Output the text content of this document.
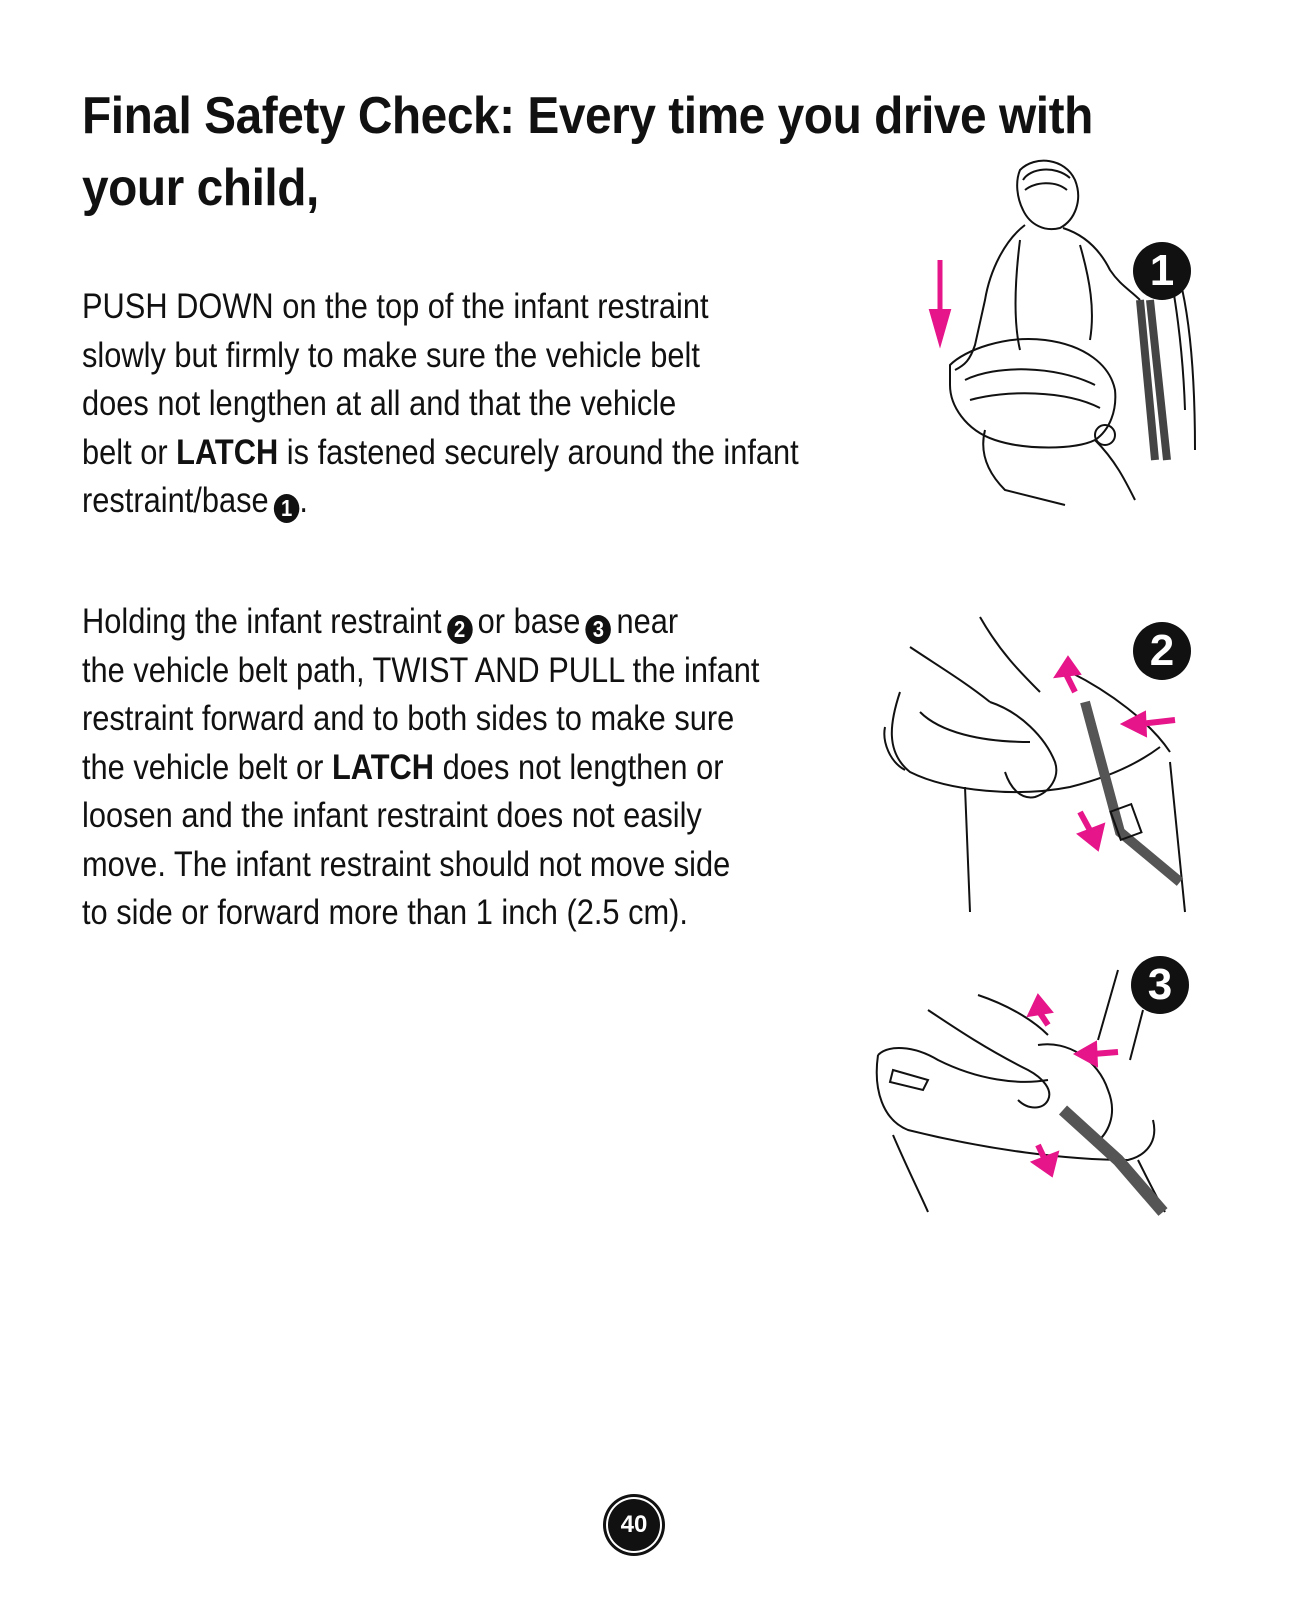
Final Safety Check: Every time you drive with your child,

PUSH DOWN on the top of the infant restraint
slowly but firmly to make sure the vehicle belt
does not lengthen at all and that the vehicle
belt or LATCH is fastened securely around the infant
restraint/base 1 .

Holding the infant restraint 2 or base 3 near
the vehicle belt path, TWIST AND PULL the infant
restraint forward and to both sides to make sure
the vehicle belt or LATCH does not lengthen or
loosen and the infant restraint does not easily
move. The infant restraint should not move side
to side or forward more than 1 inch (2.5 cm).

1
2
3
40
